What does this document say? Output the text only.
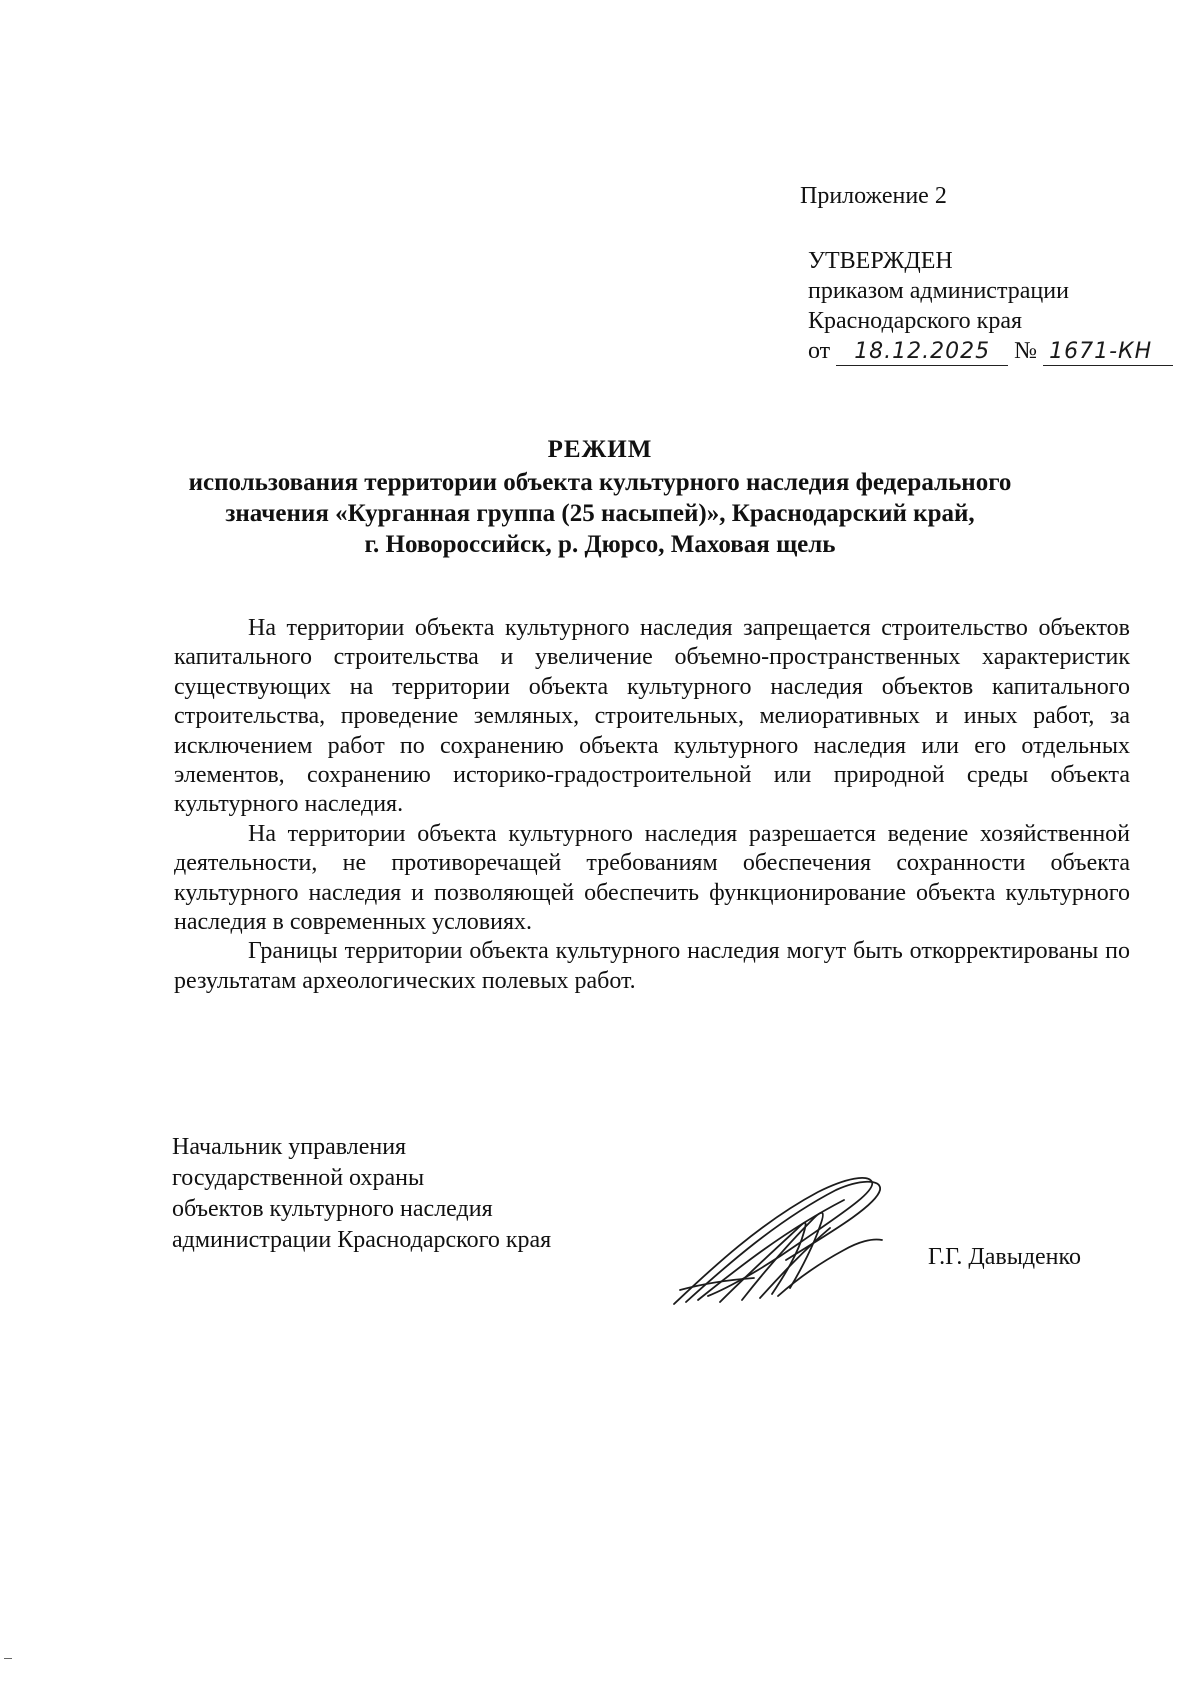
Приложение 2
УТВЕРЖДЕН
приказом администрации
Краснодарского края
от 18.12.2025 № 1671-КН
РЕЖИМ
использования территории объекта культурного наследия федерального
значения «Курганная группа (25 насыпей)», Краснодарский край,
г. Новороссийск, р. Дюрсо, Маховая щель

На территории объекта культурного наследия запрещается строительство объектов капитального строительства и увеличение объемно-пространственных характеристик существующих на территории объекта культурного наследия объектов капитального строительства, проведение земляных, строительных, мелиоративных и иных работ, за исключением работ по сохранению объекта культурного наследия или его отдельных элементов, сохранению историко-градостроительной или природной среды объекта культурного наследия.

На территории объекта культурного наследия разрешается ведение хозяйственной деятельности, не противоречащей требованиям обеспечения сохранности объекта культурного наследия и позволяющей обеспечить функционирование объекта культурного наследия в современных условиях.

Границы территории объекта культурного наследия могут быть откорректированы по результатам археологических полевых работ.

Начальник управления
государственной охраны
объектов культурного наследия
администрации Краснодарского края
Г.Г. Давыденко
